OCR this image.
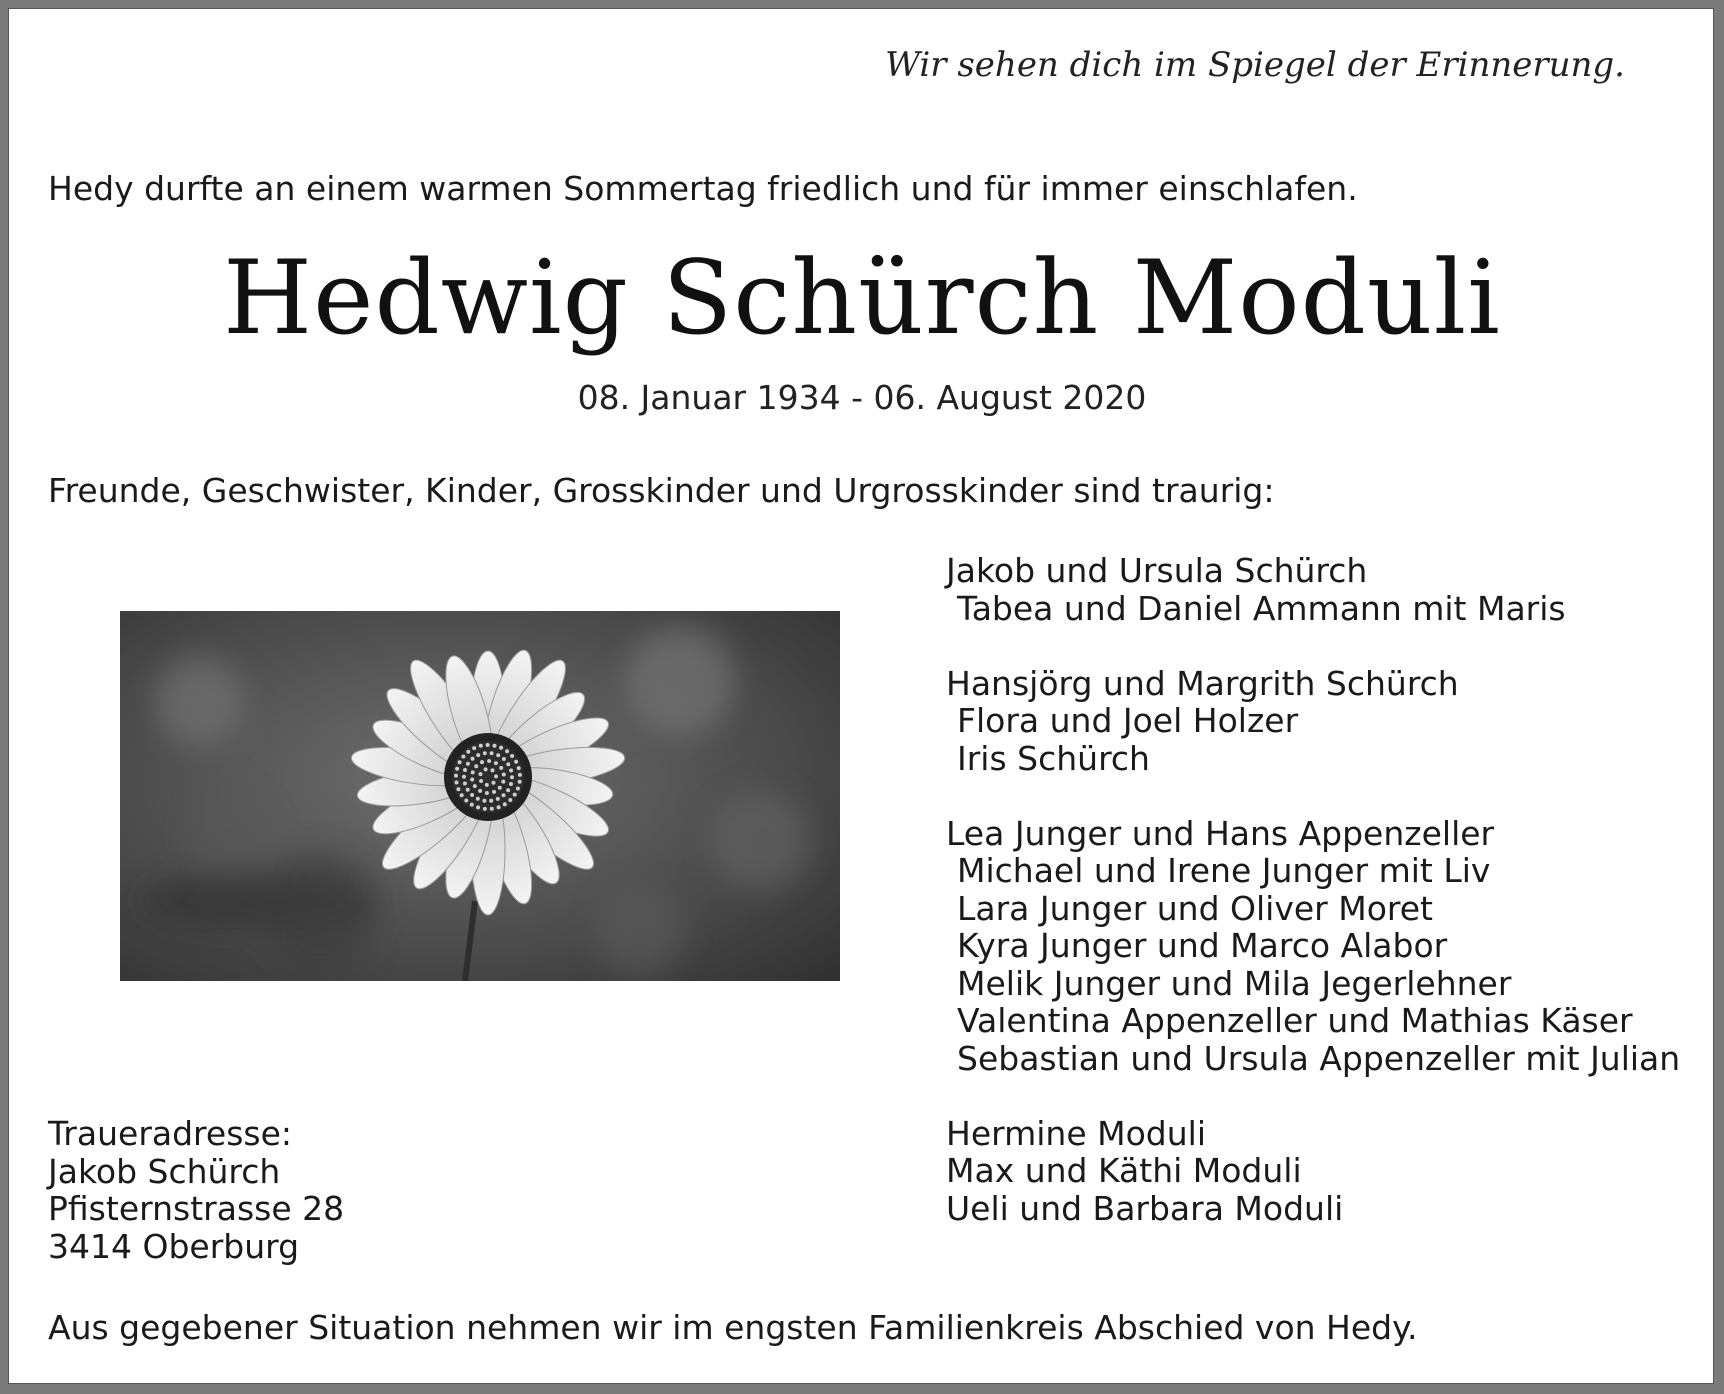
Wir sehen dich im Spiegel der Erinnerung.
Hedy durfte an einem warmen Sommertag friedlich und für immer einschlafen.
Hedwig Schürch Moduli
08. Januar 1934 - 06. August 2020
Freunde, Geschwister, Kinder, Grosskinder und Urgrosskinder sind traurig:
Jakob und Ursula Schürch
Tabea und Daniel Ammann mit Maris
Hansjörg und Margrith Schürch
Flora und Joel Holzer
Iris Schürch
Lea Junger und Hans Appenzeller
Michael und Irene Junger mit Liv
Lara Junger und Oliver Moret
Kyra Junger und Marco Alabor
Melik Junger und Mila Jegerlehner
Valentina Appenzeller und Mathias Käser
Sebastian und Ursula Appenzeller mit Julian
Hermine Moduli
Max und Käthi Moduli
Ueli und Barbara Moduli
Traueradresse:
Jakob Schürch
Pfisternstrasse 28
3414 Oberburg
Aus gegebener Situation nehmen wir im engsten Familienkreis Abschied von Hedy.
